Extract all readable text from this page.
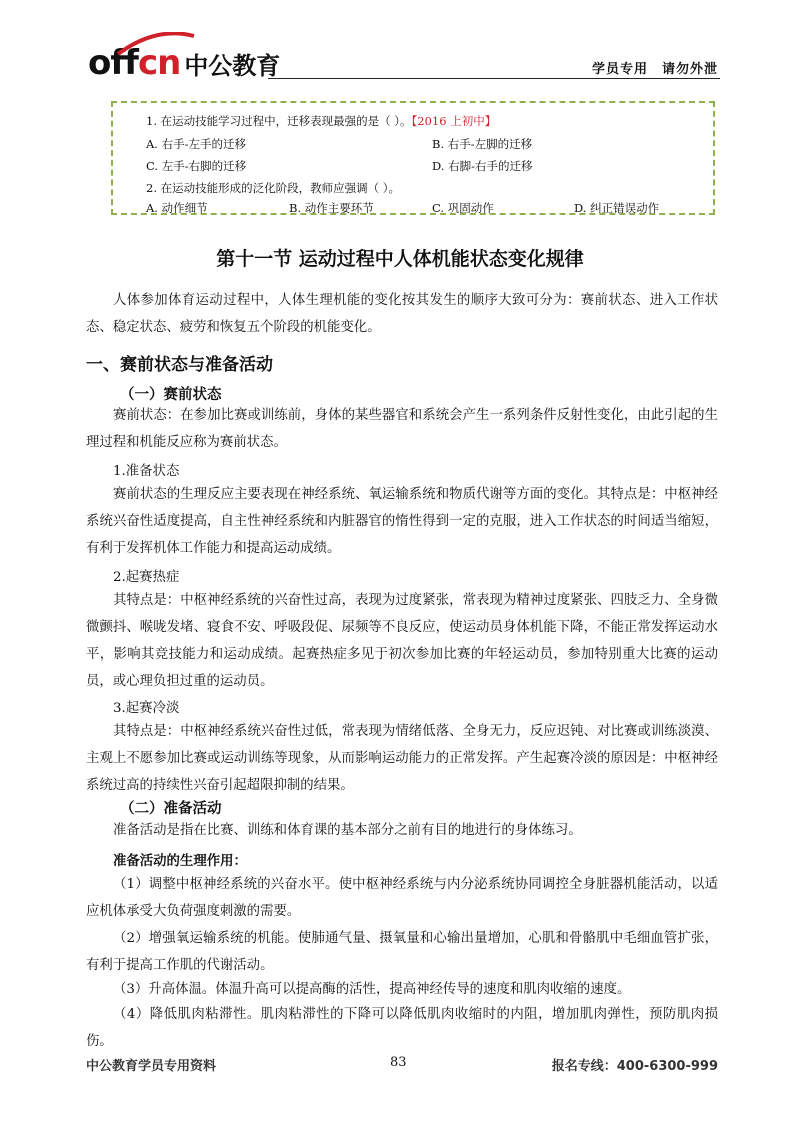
offcn 中公教育	学员专用 请勿外泄
1. 在运动技能学习过程中，迁移表现最强的是（ ）。【2016 上初中】
A. 右手-左手的迁移	B. 右手-左脚的迁移
C. 左手-右脚的迁移	D. 右脚-右手的迁移
2. 在运动技能形成的泛化阶段，教师应强调（ ）。
A. 动作细节	B. 动作主要环节	C. 巩固动作	D. 纠正错误动作
第十一节 运动过程中人体机能状态变化规律
人体参加体育运动过程中，人体生理机能的变化按其发生的顺序大致可分为：赛前状态、进入工作状态、稳定状态、疲劳和恢复五个阶段的机能变化。
一、赛前状态与准备活动
（一）赛前状态
赛前状态：在参加比赛或训练前，身体的某些器官和系统会产生一系列条件反射性变化，由此引起的生理过程和机能反应称为赛前状态。
1.准备状态
赛前状态的生理反应主要表现在神经系统、氧运输系统和物质代谢等方面的变化。其特点是：中枢神经系统兴奋性适度提高，自主性神经系统和内脏器官的惰性得到一定的克服，进入工作状态的时间适当缩短，有利于发挥机体工作能力和提高运动成绩。
2.起赛热症
其特点是：中枢神经系统的兴奋性过高，表现为过度紧张，常表现为精神过度紧张、四肢乏力、全身微微颤抖、喉咙发堵、寝食不安、呼吸段促、尿频等不良反应，使运动员身体机能下降，不能正常发挥运动水平，影响其竞技能力和运动成绩。起赛热症多见于初次参加比赛的年轻运动员，参加特别重大比赛的运动员，或心理负担过重的运动员。
3.起赛冷淡
其特点是：中枢神经系统兴奋性过低，常表现为情绪低落、全身无力，反应迟钝、对比赛或训练淡漠、主观上不愿参加比赛或运动训练等现象，从而影响运动能力的正常发挥。产生起赛冷淡的原因是：中枢神经系统过高的持续性兴奋引起超限抑制的结果。
（二）准备活动
准备活动是指在比赛、训练和体育课的基本部分之前有目的地进行的身体练习。
准备活动的生理作用：
（1）调整中枢神经系统的兴奋水平。使中枢神经系统与内分泌系统协同调控全身脏器机能活动，以适应机体承受大负荷强度刺激的需要。
（2）增强氧运输系统的机能。使肺通气量、摄氧量和心输出量增加，心肌和骨骼肌中毛细血管扩张，有利于提高工作肌的代谢活动。
（3）升高体温。体温升高可以提高酶的活性，提高神经传导的速度和肌肉收缩的速度。
（4）降低肌肉粘滞性。肌肉粘滞性的下降可以降低肌肉收缩时的内阻，增加肌肉弹性，预防肌肉损伤。
中公教育学员专用资料	83	报名专线：400-6300-999
